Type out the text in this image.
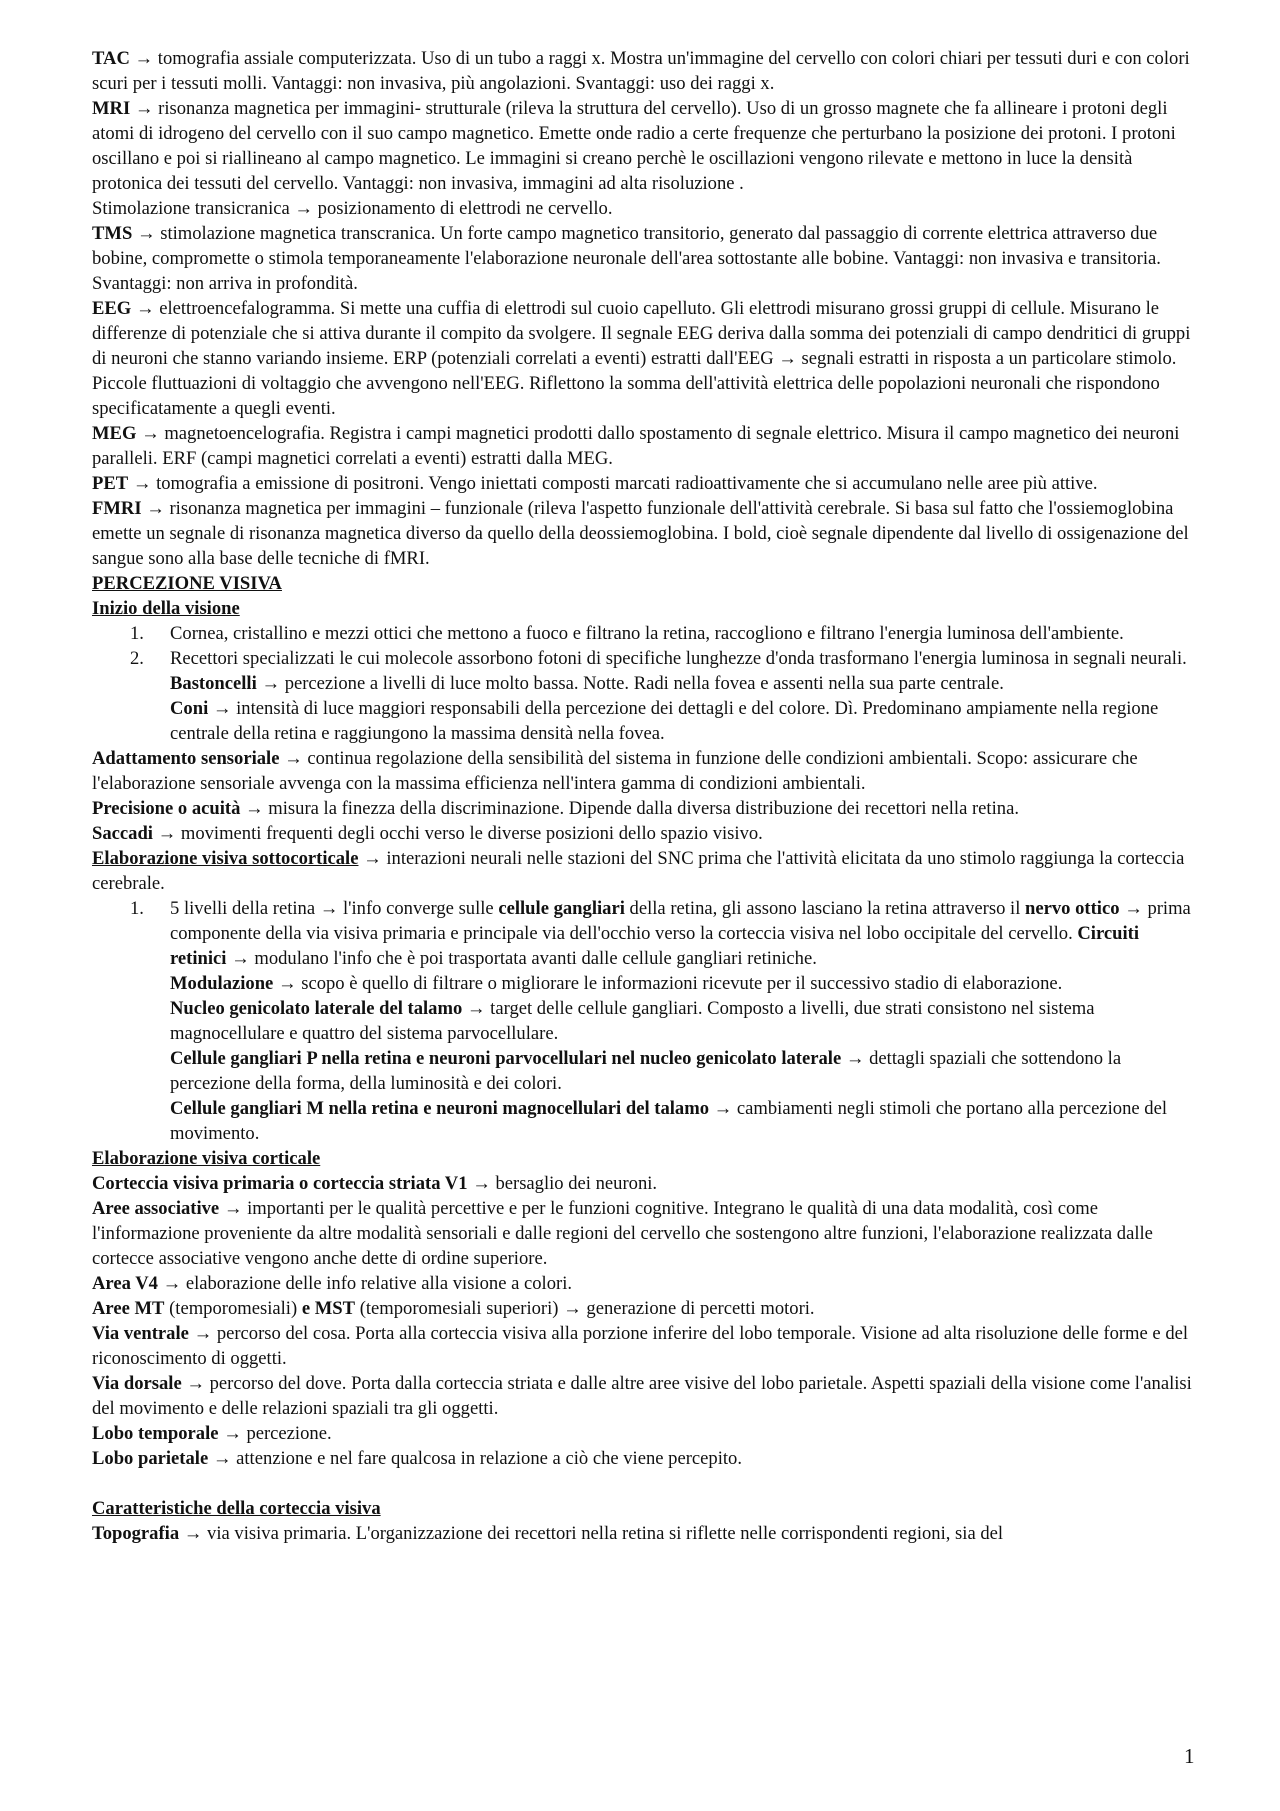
TAC → tomografia assiale computerizzata. Uso di un tubo a raggi x. Mostra un'immagine del cervello con colori chiari per tessuti duri e con colori scuri per i tessuti molli. Vantaggi: non invasiva, più angolazioni. Svantaggi: uso dei raggi x.

MRI → risonanza magnetica per immagini- strutturale (rileva la struttura del cervello). Uso di un grosso magnete che fa allineare i protoni degli atomi di idrogeno del cervello con il suo campo magnetico. Emette onde radio a certe frequenze che perturbano la posizione dei protoni. I protoni oscillano e poi si riallineano al campo magnetico. Le immagini si creano perchè le oscillazioni vengono rilevate e mettono in luce la densità protonica dei tessuti del cervello. Vantaggi: non invasiva, immagini ad alta risoluzione .

Stimolazione transicranica → posizionamento di elettrodi ne cervello.

TMS → stimolazione magnetica transcranica. Un forte campo magnetico transitorio, generato dal passaggio di corrente elettrica attraverso due bobine, compromette o stimola temporaneamente l'elaborazione neuronale dell'area sottostante alle bobine. Vantaggi: non invasiva e transitoria. Svantaggi: non arriva in profondità.

EEG → elettroencefalogramma. Si mette una cuffia di elettrodi sul cuoio capelluto. Gli elettrodi misurano grossi gruppi di cellule. Misurano le differenze di potenziale che si attiva durante il compito da svolgere. Il segnale EEG deriva dalla somma dei potenziali di campo dendritici di gruppi di neuroni che stanno variando insieme. ERP (potenziali correlati a eventi) estratti dall'EEG → segnali estratti in risposta a un particolare stimolo. Piccole fluttuazioni di voltaggio che avvengono nell'EEG. Riflettono la somma dell'attività elettrica delle popolazioni neuronali che rispondono specificatamente a quegli eventi.

MEG → magnetoencelografia. Registra i campi magnetici prodotti dallo spostamento di segnale elettrico. Misura il campo magnetico dei neuroni paralleli. ERF (campi magnetici correlati a eventi) estratti dalla MEG.

PET → tomografia a emissione di positroni. Vengo iniettati composti marcati radioattivamente che si accumulano nelle aree più attive.

FMRI → risonanza magnetica per immagini – funzionale (rileva l'aspetto funzionale dell'attività cerebrale. Si basa sul fatto che l'ossiemoglobina emette un segnale di risonanza magnetica diverso da quello della deossiemoglobina. I bold, cioè segnale dipendente dal livello di ossigenazione del sangue sono alla base delle tecniche di fMRI.

PERCEZIONE VISIVA

Inizio della visione

1. Cornea, cristallino e mezzi ottici che mettono a fuoco e filtrano la retina, raccogliono e filtrano l'energia luminosa dell'ambiente.
2. Recettori specializzati le cui molecole assorbono fotoni di specifiche lunghezze d'onda trasformano l'energia luminosa in segnali neurali.

Bastoncelli → percezione a livelli di luce molto bassa. Notte. Radi nella fovea e assenti nella sua parte centrale.

Coni → intensità di luce maggiori responsabili della percezione dei dettagli e del colore. Dì. Predominano ampiamente nella regione centrale della retina e raggiungono la massima densità nella fovea.

Adattamento sensoriale → continua regolazione della sensibilità del sistema in funzione delle condizioni ambientali. Scopo: assicurare che l'elaborazione sensoriale avvenga con la massima efficienza nell'intera gamma di condizioni ambientali.

Precisione o acuità → misura la finezza della discriminazione. Dipende dalla diversa distribuzione dei recettori nella retina.

Saccadi → movimenti frequenti degli occhi verso le diverse posizioni dello spazio visivo.

Elaborazione visiva sottocorticale → interazioni neurali nelle stazioni del SNC prima che l'attività elicitata da uno stimolo raggiunga la corteccia cerebrale.

1. 5 livelli della retina → l'info converge sulle cellule gangliari della retina, gli assono lasciano la retina attraverso il nervo ottico → prima componente della via visiva primaria e principale via dell'occhio verso la corteccia visiva nel lobo occipitale del cervello. Circuiti retinici → modulano l'info che è poi trasportata avanti dalle cellule gangliari retiniche.

Modulazione → scopo è quello di filtrare o migliorare le informazioni ricevute per il successivo stadio di elaborazione.

Nucleo genicolato laterale del talamo → target delle cellule gangliari. Composto a livelli, due strati consistono nel sistema magnocellulare e quattro del sistema parvocellulare.

Cellule gangliari P nella retina e neuroni parvocellulari nel nucleo genicolato laterale → dettagli spaziali che sottendono la percezione della forma, della luminosità e dei colori.

Cellule gangliari M nella retina e neuroni magnocellulari del talamo → cambiamenti negli stimoli che portano alla percezione del movimento.

Elaborazione visiva corticale

Corteccia visiva primaria o corteccia striata V1 → bersaglio dei neuroni.

Aree associative → importanti per le qualità percettive e per le funzioni cognitive. Integrano le qualità di una data modalità, così come l'informazione proveniente da altre modalità sensoriali e dalle regioni del cervello che sostengono altre funzioni, l'elaborazione realizzata dalle cortecce associative vengono anche dette di ordine superiore.

Area V4 → elaborazione delle info relative alla visione a colori.

Aree MT (temporomesiali) e MST (temporomesiali superiori) → generazione di percetti motori.

Via ventrale → percorso del cosa. Porta alla corteccia visiva alla porzione inferire del lobo temporale. Visione ad alta risoluzione delle forme e del riconoscimento di oggetti.

Via dorsale → percorso del dove. Porta dalla corteccia striata e dalle altre aree visive del lobo parietale. Aspetti spaziali della visione come l'analisi del movimento e delle relazioni spaziali tra gli oggetti.

Lobo temporale → percezione.

Lobo parietale → attenzione e nel fare qualcosa in relazione a ciò che viene percepito.

Caratteristiche della corteccia visiva

Topografia → via visiva primaria. L'organizzazione dei recettori nella retina si riflette nelle corrispondenti regioni, sia del

1
